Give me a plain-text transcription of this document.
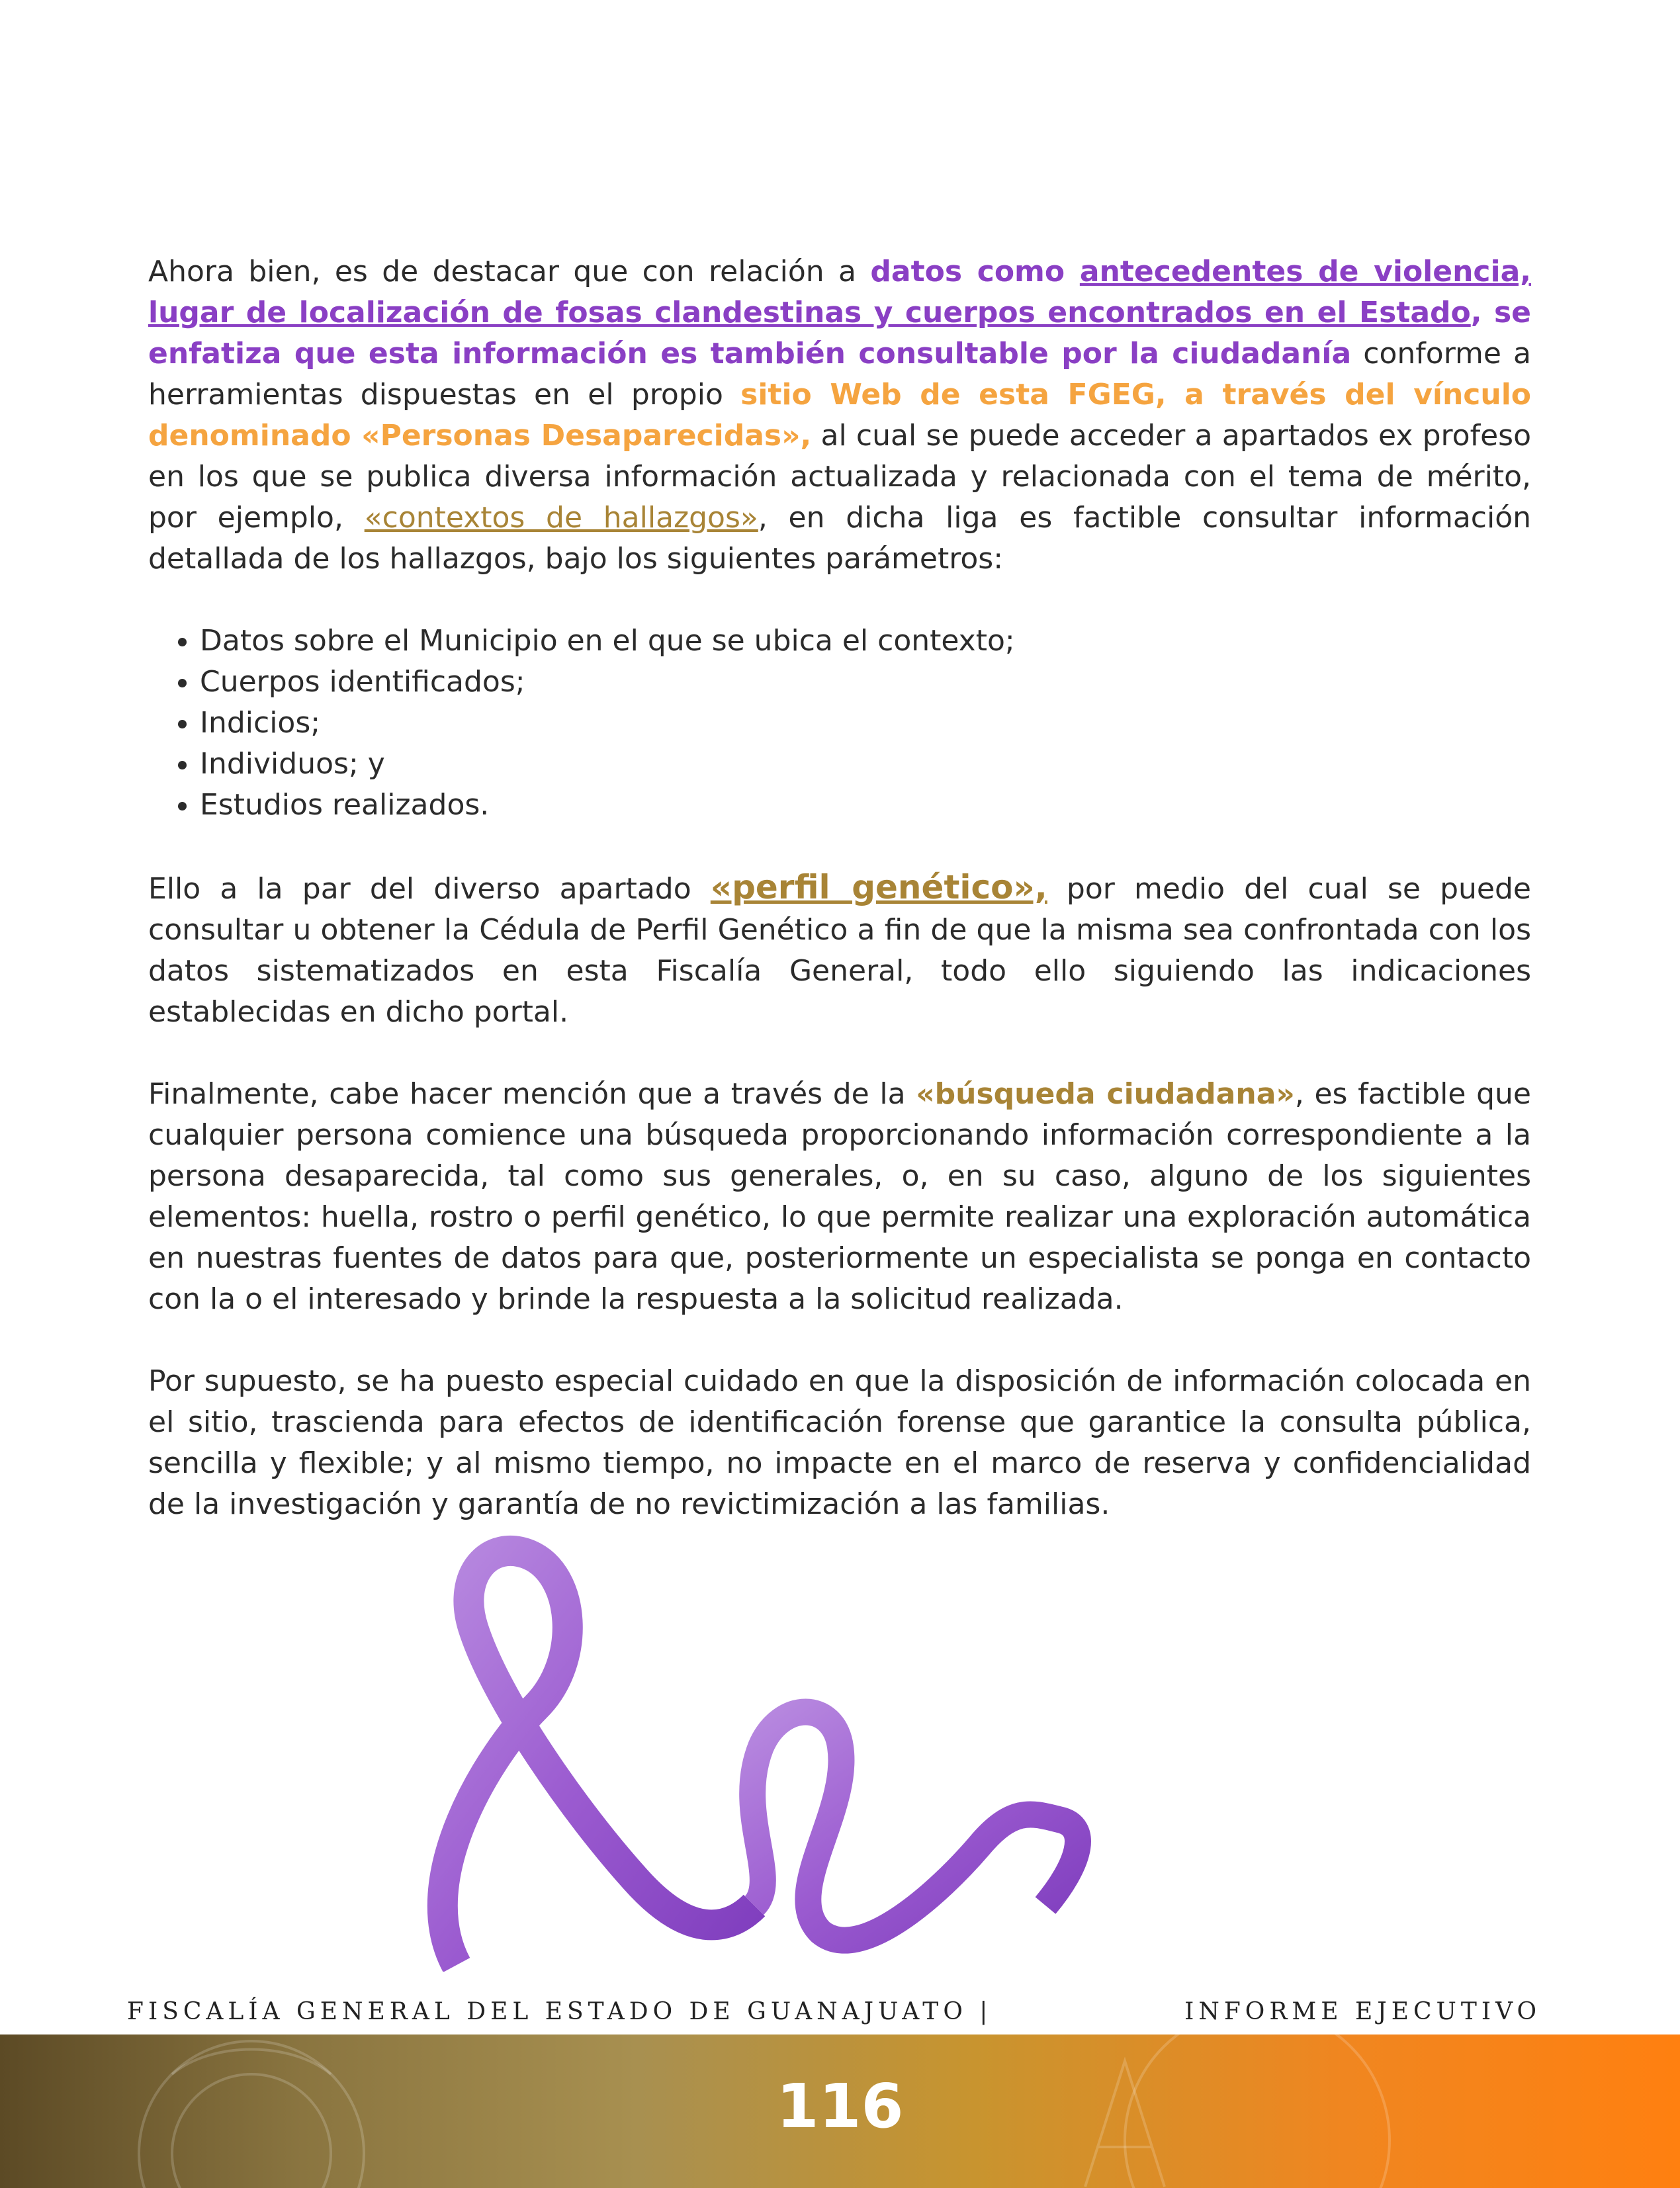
Ahora bien, es de destacar que con relación a datos como antecedentes de violencia, lugar de localización de fosas clandestinas y cuerpos encontrados en el Estado, se enfatiza que esta información es también consultable por la ciudadanía conforme a herramientas dispuestas en el propio sitio Web de esta FGEG, a través del vínculo denominado «Personas Desaparecidas», al cual se puede acceder a apartados ex profeso en los que se publica diversa información actualizada y relacionada con el tema de mérito, por ejemplo, «contextos de hallazgos», en dicha liga es factible consultar información detallada de los hallazgos, bajo los siguientes parámetros:

• Datos sobre el Municipio en el que se ubica el contexto;
• Cuerpos identificados;
• Indicios;
• Individuos; y
• Estudios realizados.

Ello a la par del diverso apartado «perfil genético», por medio del cual se puede consultar u obtener la Cédula de Perfil Genético a fin de que la misma sea confrontada con los datos sistematizados en esta Fiscalía General, todo ello siguiendo las indicaciones establecidas en dicho portal.

Finalmente, cabe hacer mención que a través de la «búsqueda ciudadana», es factible que cualquier persona comience una búsqueda proporcionando información correspondiente a la persona desaparecida, tal como sus generales, o, en su caso, alguno de los siguientes elementos: huella, rostro o perfil genético, lo que permite realizar una exploración automática en nuestras fuentes de datos para que, posteriormente un especialista se ponga en contacto con la o el interesado y brinde la respuesta a la solicitud realizada.

Por supuesto, se ha puesto especial cuidado en que la disposición de información colocada en el sitio, trascienda para efectos de identificación forense que garantice la consulta pública, sencilla y flexible; y al mismo tiempo, no impacte en el marco de reserva y confidencialidad de la investigación y garantía de no revictimización a las familias.

FISCALÍA GENERAL DEL ESTADO DE GUANAJUATO |	INFORME EJECUTIVO
116
